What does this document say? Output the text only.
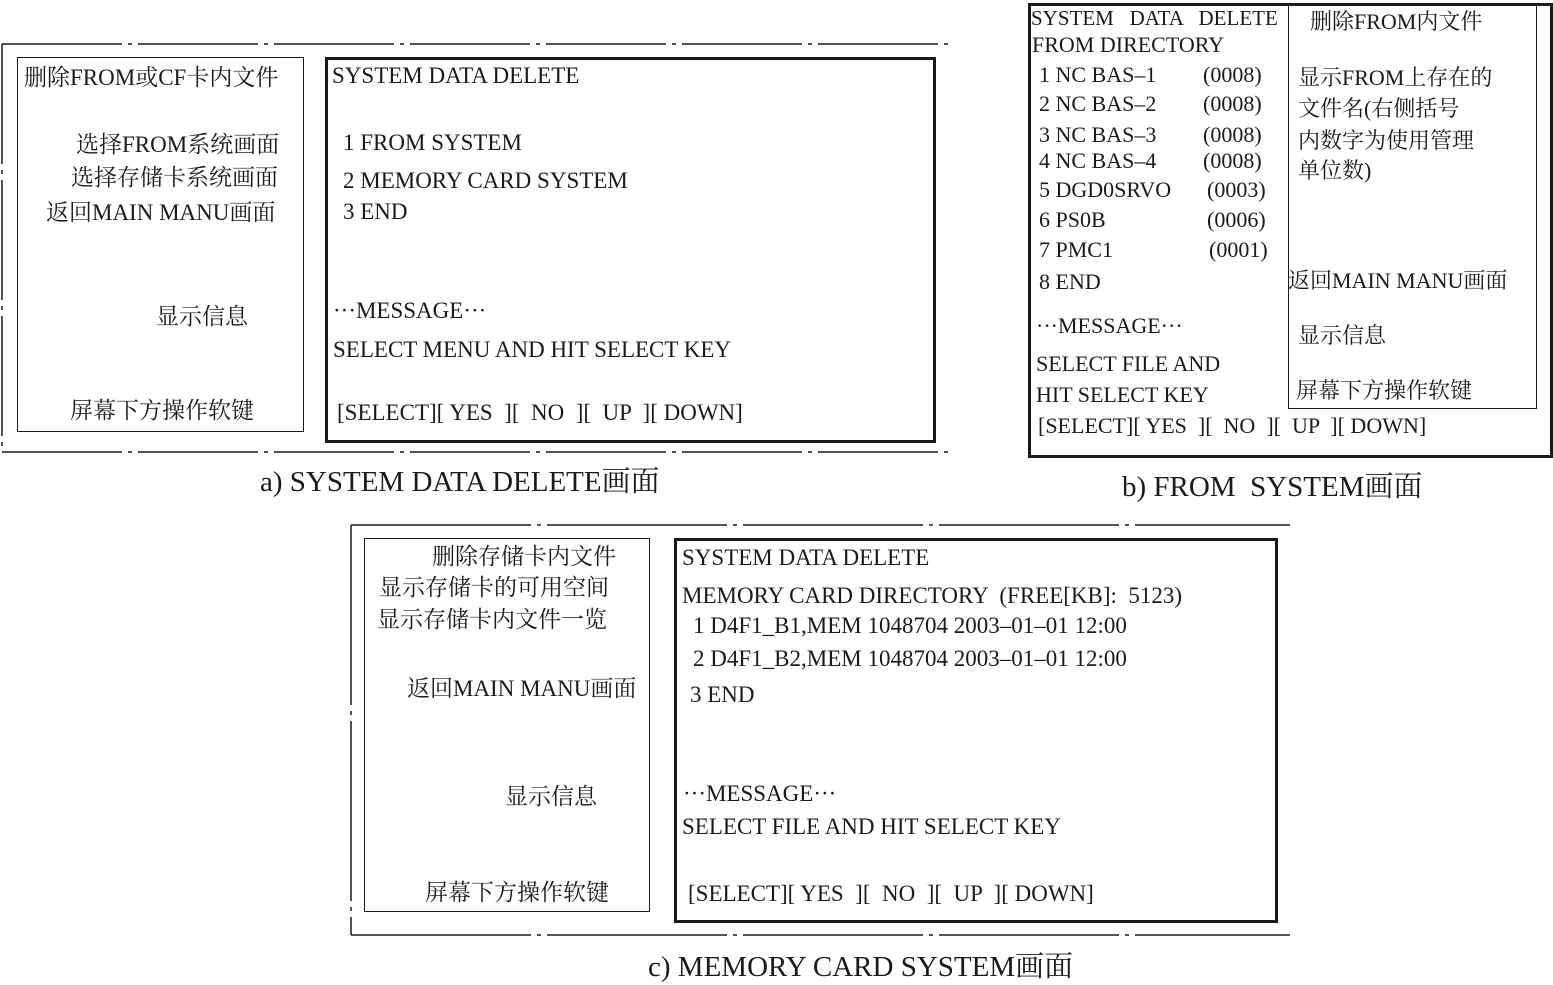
删除FROM或CF卡内文件
选择FROM系统画面
选择存储卡系统画面
返回MAIN MANU画面
显示信息
屏幕下方操作软键
SYSTEM DATA DELETE
1 FROM SYSTEM
2 MEMORY CARD SYSTEM
3 END
···MESSAGE···
SELECT MENU AND HIT SELECT KEY
[SELECT][ YES  ][  NO  ][  UP  ][ DOWN]
a) SYSTEM DATA DELETE画面
SYSTEM   DATA   DELETE
FROM DIRECTORY
1 NC BAS–1 (0008)
2 NC BAS–2 (0008)
3 NC BAS–3 (0008)
4 NC BAS–4 (0008)
5 DGD0SRVO (0003)
6 PS0B	(0006)
7 PMC1	(0001)
8 END
···MESSAGE···
SELECT FILE AND
HIT SELECT KEY
[SELECT][ YES  ][  NO  ][  UP  ][ DOWN]
删除FROM内文件
显示FROM上存在的
文件名(右侧括号
内数字为使用管理
单位数)
返回MAIN MANU画面
显示信息
屏幕下方操作软键
b) FROM  SYSTEM画面
删除存储卡内文件
显示存储卡的可用空间
显示存储卡内文件一览
返回MAIN MANU画面
显示信息
屏幕下方操作软键
SYSTEM DATA DELETE
MEMORY CARD DIRECTORY  (FREE[KB]:  5123)
1 D4F1_B1,MEM 1048704 2003–01–01 12:00
2 D4F1_B2,MEM 1048704 2003–01–01 12:00
3 END
···MESSAGE···
SELECT FILE AND HIT SELECT KEY
[SELECT][ YES  ][  NO  ][  UP  ][ DOWN]
c) MEMORY CARD SYSTEM画面
